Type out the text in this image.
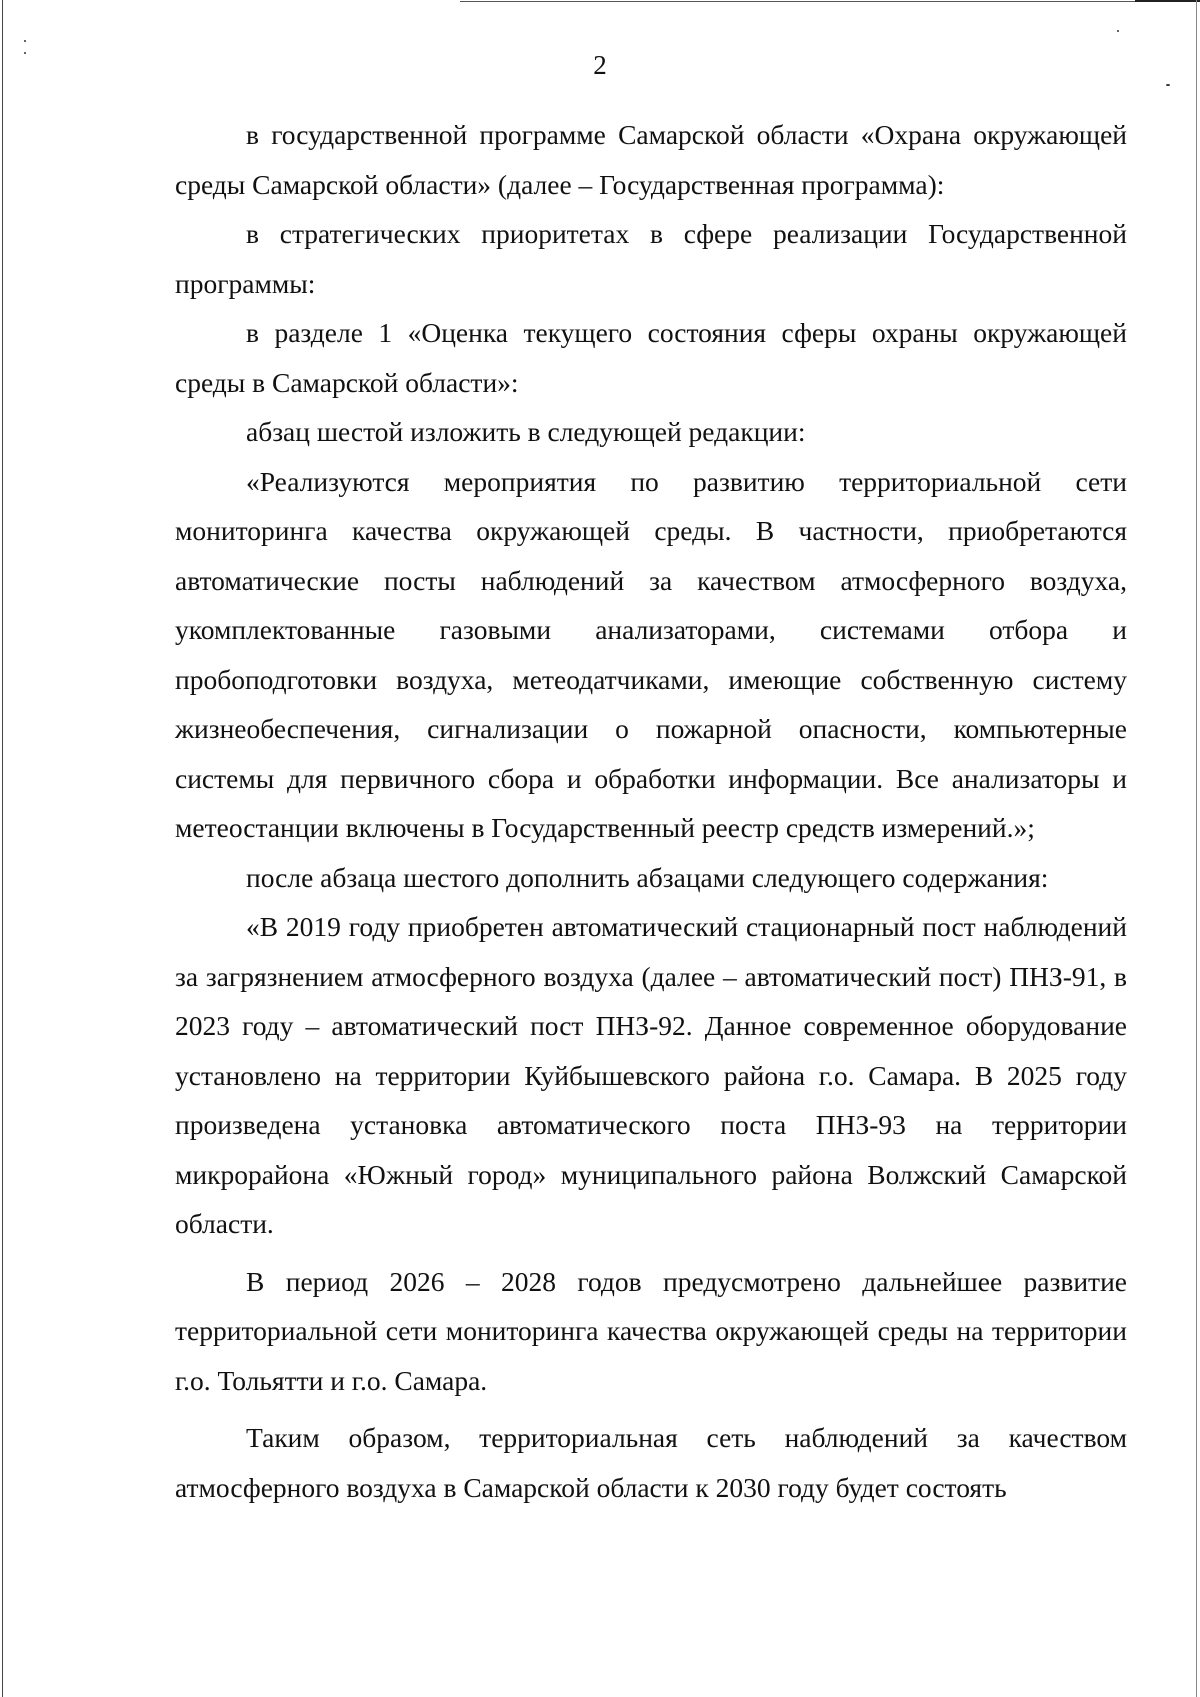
2

в государственной программе Самарской области «Охрана окружающей среды Самарской области» (далее – Государственная программа):

в стратегических приоритетах в сфере реализации Государственной программы:

в разделе 1 «Оценка текущего состояния сферы охраны окружающей среды в Самарской области»:

абзац шестой изложить в следующей редакции:

«Реализуются мероприятия по развитию территориальной сети мониторинга качества окружающей среды. В частности, приобретаются автоматические посты наблюдений за качеством атмосферного воздуха, укомплектованные газовыми анализаторами, системами отбора и пробоподготовки воздуха, метеодатчиками, имеющие собственную систему жизнеобеспечения, сигнализации о пожарной опасности, компьютерные системы для первичного сбора и обработки информации. Все анализаторы и метеостанции включены в Государственный реестр средств измерений.»;

после абзаца шестого дополнить абзацами следующего содержания:

«В 2019 году приобретен автоматический стационарный пост наблюдений за загрязнением атмосферного воздуха (далее – автоматический пост) ПНЗ-91, в 2023 году – автоматический пост ПНЗ-92. Данное современное оборудование установлено на территории Куйбышевского района г.о. Самара. В 2025 году произведена установка автоматического поста ПНЗ-93 на территории микрорайона «Южный город» муниципального района Волжский Самарской области.

В период 2026 – 2028 годов предусмотрено дальнейшее развитие территориальной сети мониторинга качества окружающей среды на территории г.о. Тольятти и г.о. Самара.

Таким образом, территориальная сеть наблюдений за качеством атмосферного воздуха в Самарской области к 2030 году будет состоять
